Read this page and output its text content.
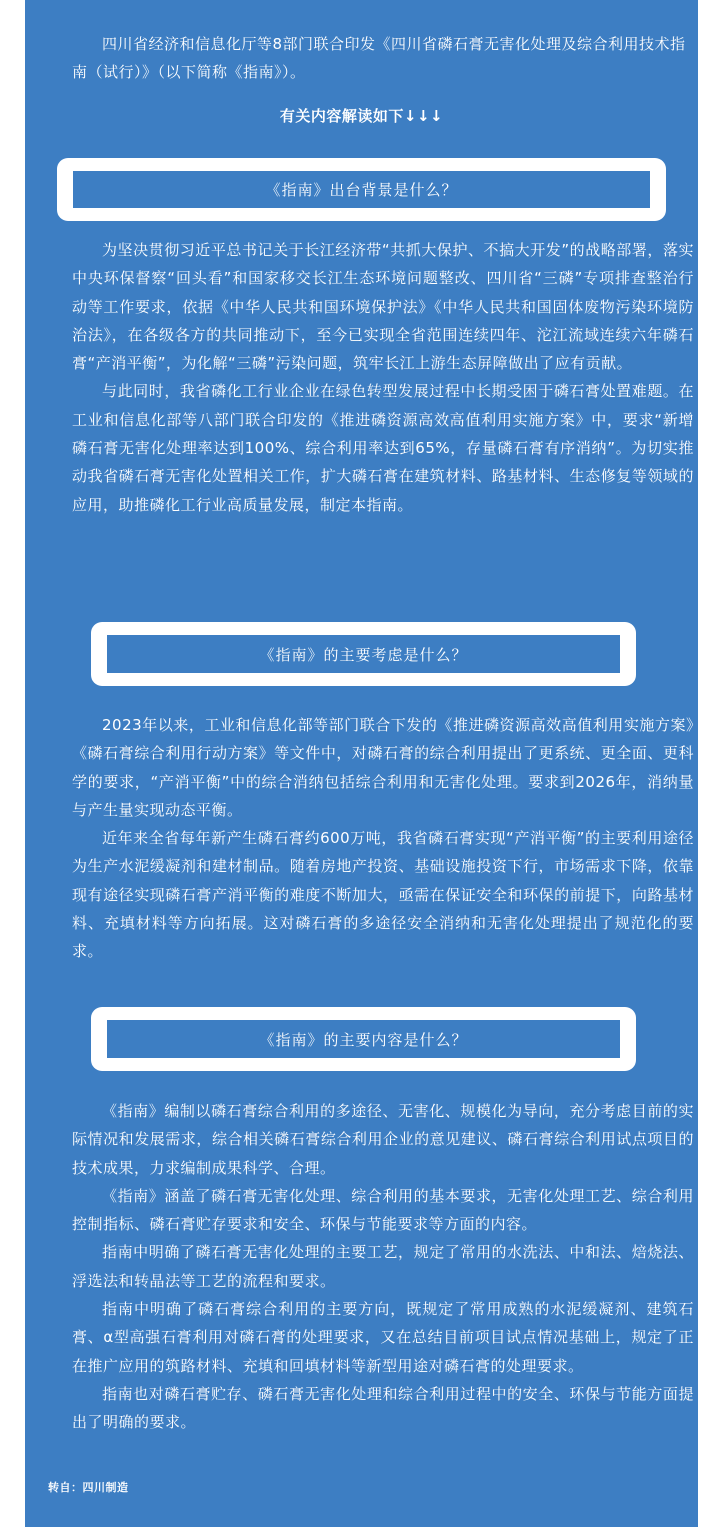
四川省经济和信息化厅等8部门联合印发《四川省磷石膏无害化处理及综合利用技术指南（试行）》（以下简称《指南》）。

有关内容解读如下↓↓↓
《指南》出台背景是什么？

为坚决贯彻习近平总书记关于长江经济带“共抓大保护、不搞大开发”的战略部署，落实中央环保督察“回头看”和国家移交长江生态环境问题整改、四川省“三磷”专项排查整治行动等工作要求，依据《中华人民共和国环境保护法》《中华人民共和国固体废物污染环境防治法》，在各级各方的共同推动下，至今已实现全省范围连续四年、沱江流域连续六年磷石膏“产消平衡”，为化解“三磷”污染问题，筑牢长江上游生态屏障做出了应有贡献。

与此同时，我省磷化工行业企业在绿色转型发展过程中长期受困于磷石膏处置难题。在工业和信息化部等八部门联合印发的《推进磷资源高效高值利用实施方案》中，要求“新增磷石膏无害化处理率达到100%、综合利用率达到65%，存量磷石膏有序消纳”。为切实推动我省磷石膏无害化处置相关工作，扩大磷石膏在建筑材料、路基材料、生态修复等领域的应用，助推磷化工行业高质量发展，制定本指南。

《指南》的主要考虑是什么？

2023年以来，工业和信息化部等部门联合下发的《推进磷资源高效高值利用实施方案》《磷石膏综合利用行动方案》等文件中，对磷石膏的综合利用提出了更系统、更全面、更科学的要求，“产消平衡”中的综合消纳包括综合利用和无害化处理。要求到2026年，消纳量与产生量实现动态平衡。

近年来全省每年新产生磷石膏约600万吨，我省磷石膏实现“产消平衡”的主要利用途径为生产水泥缓凝剂和建材制品。随着房地产投资、基础设施投资下行，市场需求下降，依靠现有途径实现磷石膏产消平衡的难度不断加大，亟需在保证安全和环保的前提下，向路基材料、充填材料等方向拓展。这对磷石膏的多途径安全消纳和无害化处理提出了规范化的要求。

《指南》的主要内容是什么？

《指南》编制以磷石膏综合利用的多途径、无害化、规模化为导向，充分考虑目前的实际情况和发展需求，综合相关磷石膏综合利用企业的意见建议、磷石膏综合利用试点项目的技术成果，力求编制成果科学、合理。

《指南》涵盖了磷石膏无害化处理、综合利用的基本要求，无害化处理工艺、综合利用控制指标、磷石膏贮存要求和安全、环保与节能要求等方面的内容。

指南中明确了磷石膏无害化处理的主要工艺，规定了常用的水洗法、中和法、焙烧法、浮选法和转晶法等工艺的流程和要求。

指南中明确了磷石膏综合利用的主要方向，既规定了常用成熟的水泥缓凝剂、建筑石膏、α型高强石膏利用对磷石膏的处理要求，又在总结目前项目试点情况基础上，规定了正在推广应用的筑路材料、充填和回填材料等新型用途对磷石膏的处理要求。

指南也对磷石膏贮存、磷石膏无害化处理和综合利用过程中的安全、环保与节能方面提出了明确的要求。

转自：四川制造
